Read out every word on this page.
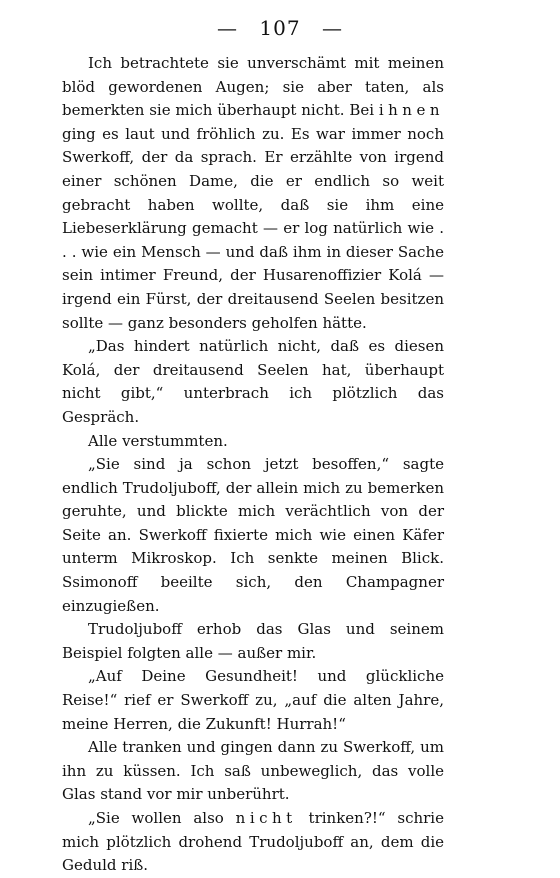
— 107 —

Ich betrachtete sie unverschämt mit meinen blöd gewordenen Augen; sie aber taten, als bemerkten sie mich überhaupt nicht. Bei ihnen ging es laut und fröhlich zu. Es war immer noch Swerkoff, der da sprach. Er erzählte von irgend einer schönen Dame, die er endlich so weit gebracht haben wollte, daß sie ihm eine Liebeserklärung gemacht — er log natürlich wie . . . wie ein Mensch — und daß ihm in dieser Sache sein intimer Freund, der Husarenoffizier Kolá — irgend ein Fürst, der dreitausend Seelen besitzen sollte — ganz besonders geholfen hätte.

„Das hindert natürlich nicht, daß es diesen Kolá, der dreitausend Seelen hat, überhaupt nicht gibt,“ unterbrach ich plötzlich das Gespräch.

Alle verstummten.

„Sie sind ja schon jetzt besoffen,“ sagte endlich Trudoljuboff, der allein mich zu bemerken geruhte, und blickte mich verächtlich von der Seite an. Swerkoff fixierte mich wie einen Käfer unterm Mikroskop. Ich senkte meinen Blick. Ssimonoff beeilte sich, den Champagner einzugießen.

Trudoljuboff erhob das Glas und seinem Beispiel folgten alle — außer mir.

„Auf Deine Gesundheit! und glückliche Reise!“ rief er Swerkoff zu, „auf die alten Jahre, meine Herren, die Zukunft! Hurrah!“

Alle tranken und gingen dann zu Swerkoff, um ihn zu küssen. Ich saß unbeweglich, das volle Glas stand vor mir unberührt.

„Sie wollen also nicht trinken?!“ schrie mich plötzlich drohend Trudoljuboff an, dem die Geduld riß.
